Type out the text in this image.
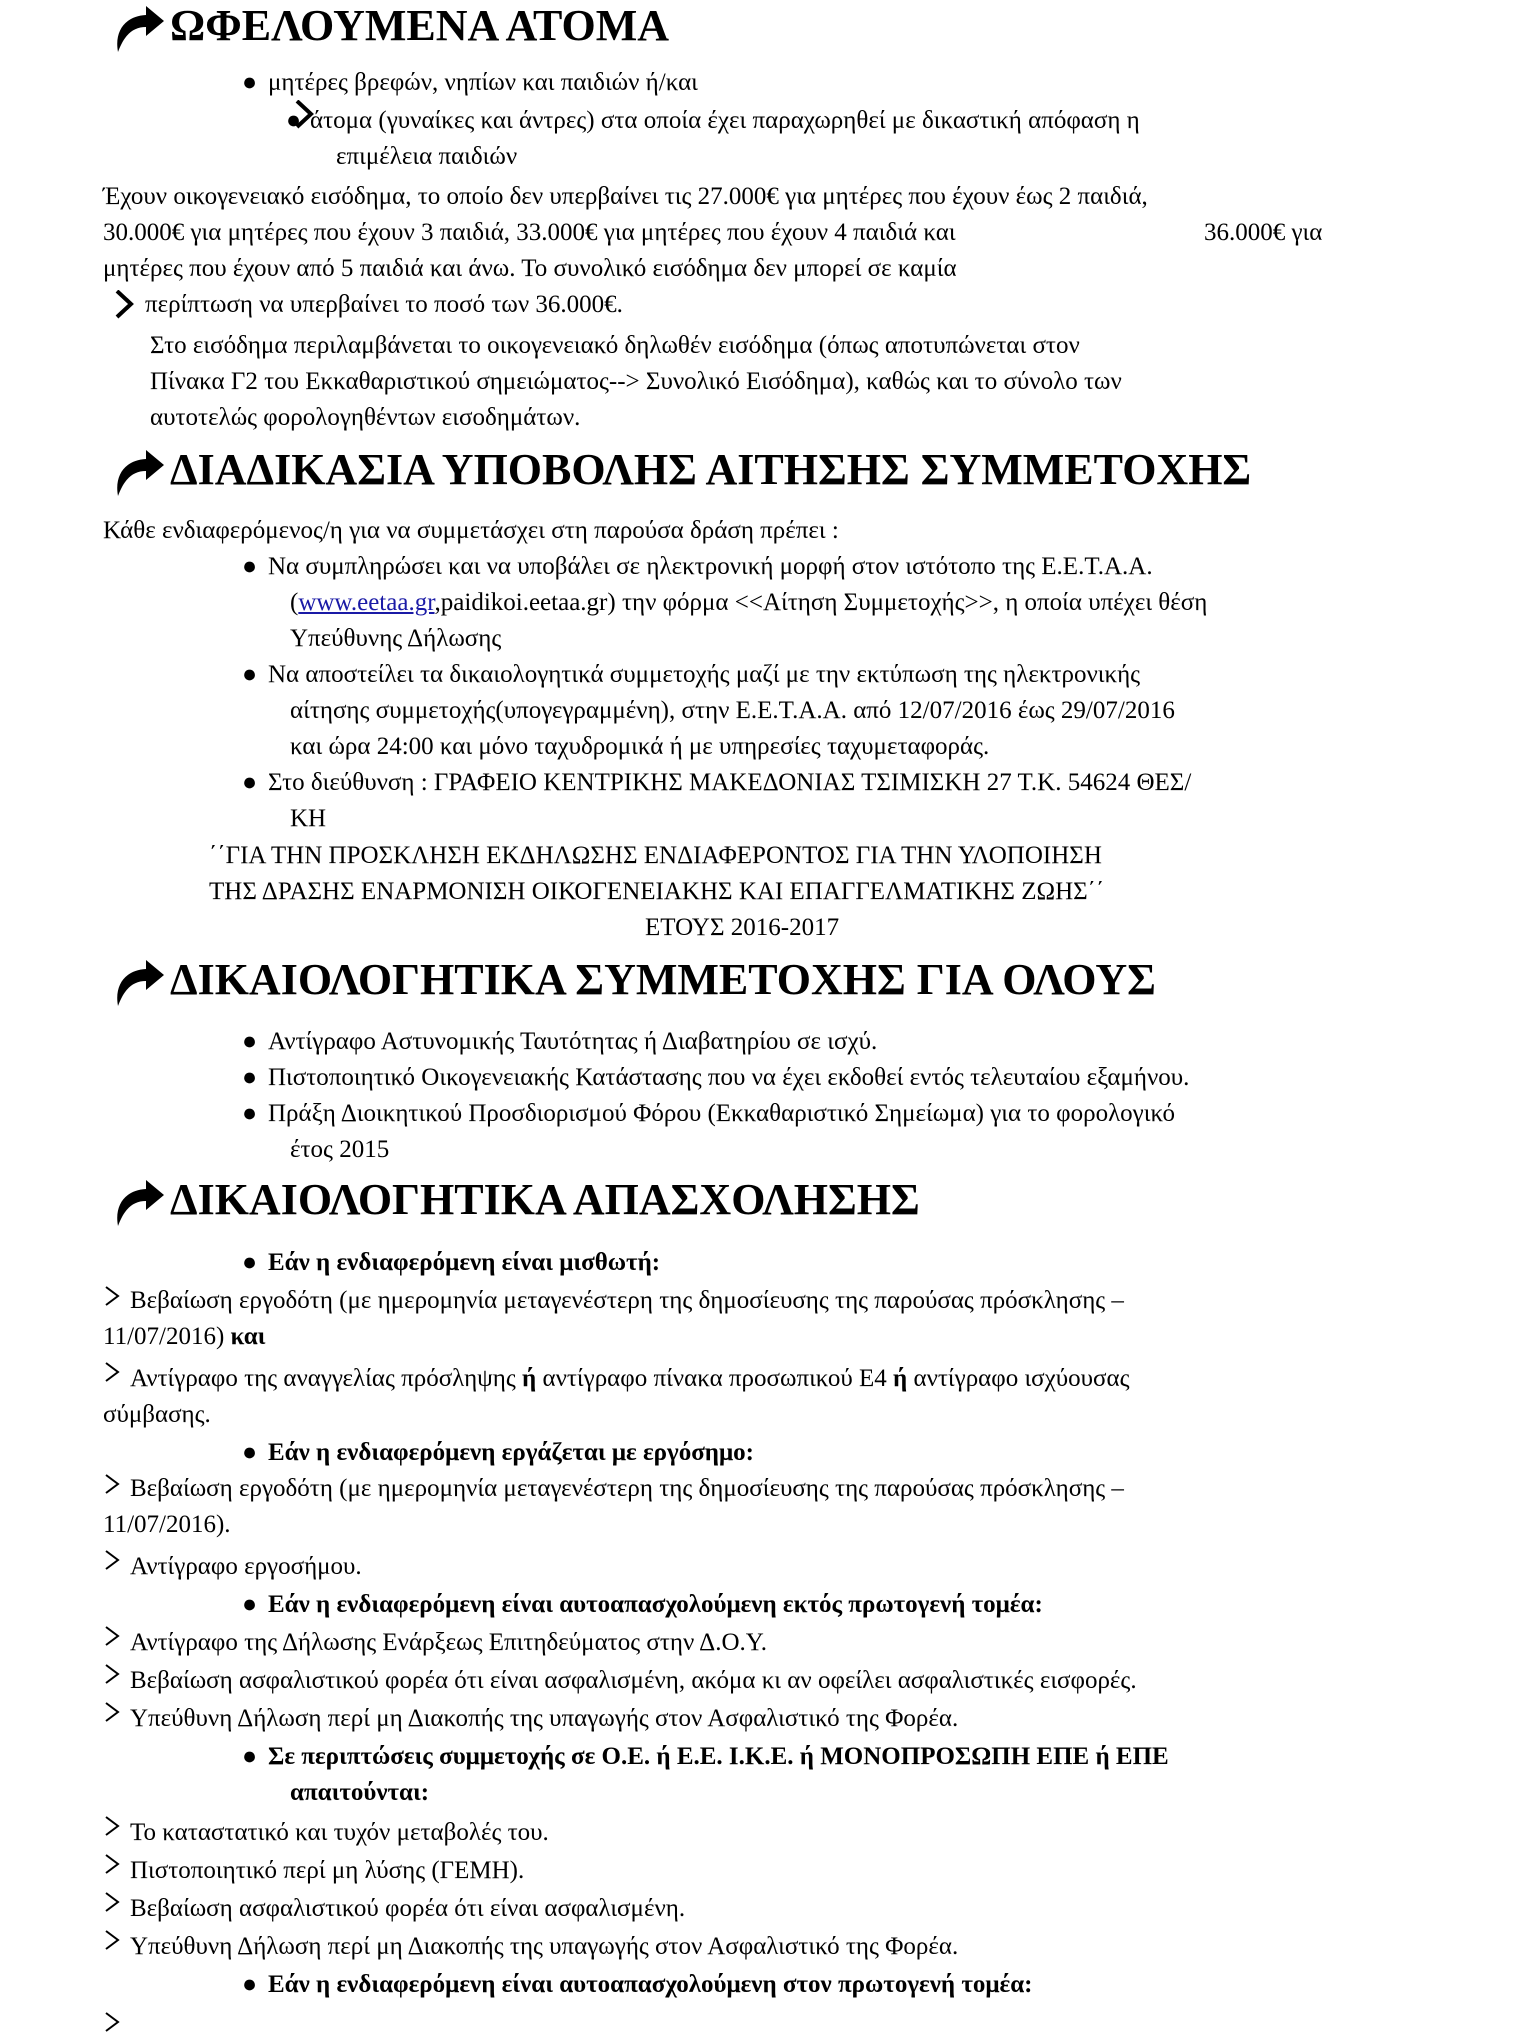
ΩΦΕΛΟΥΜΕΝΑ ΑΤΟΜΑ
● μητέρες βρεφών, νηπίων και παιδιών ή/και
● άτομα (γυναίκες και άντρες) στα οποία έχει παραχωρηθεί με δικαστική απόφαση η
επιμέλεια παιδιών
Έχουν οικογενειακό εισόδημα, το οποίο δεν υπερβαίνει τις 27.000€ για μητέρες που έχουν έως 2 παιδιά,
30.000€ για μητέρες που έχουν 3 παιδιά, 33.000€ για μητέρες που έχουν 4 παιδιά και	36.000€ για
μητέρες που έχουν από 5 παιδιά και άνω. Το συνολικό εισόδημα δεν μπορεί σε καμία
περίπτωση να υπερβαίνει το ποσό των 36.000€.
Στο εισόδημα περιλαμβάνεται το οικογενειακό δηλωθέν εισόδημα (όπως αποτυπώνεται στον
Πίνακα Γ2 του Εκκαθαριστικού σημειώματος--> Συνολικό Εισόδημα), καθώς και το σύνολο των
αυτοτελώς φορολογηθέντων εισοδημάτων.
ΔΙΑΔΙΚΑΣΙΑ ΥΠΟΒΟΛΗΣ ΑΙΤΗΣΗΣ ΣΥΜΜΕΤΟΧΗΣ
Κάθε ενδιαφερόμενος/η για να συμμετάσχει στη παρούσα δράση πρέπει :
● Να συμπληρώσει και να υποβάλει σε ηλεκτρονική μορφή στον ιστότοπο της Ε.Ε.Τ.Α.Α.
(www.eetaa.gr,paidikoi.eetaa.gr) την φόρμα <<Αίτηση Συμμετοχής>>, η οποία υπέχει θέση
Υπεύθυνης Δήλωσης
● Να αποστείλει τα δικαιολογητικά συμμετοχής μαζί με την εκτύπωση της ηλεκτρονικής
αίτησης συμμετοχής(υπογεγραμμένη), στην Ε.Ε.Τ.Α.Α. από 12/07/2016 έως 29/07/2016
και ώρα 24:00 και μόνο ταχυδρομικά ή με υπηρεσίες ταχυμεταφοράς.
● Στο διεύθυνση : ΓΡΑΦΕΙΟ ΚΕΝΤΡΙΚΗΣ ΜΑΚΕΔΟΝΙΑΣ ΤΣΙΜΙΣΚΗ 27 Τ.Κ. 54624 ΘΕΣ/
ΚΗ
΄΄ΓΙΑ ΤΗΝ ΠΡΟΣΚΛΗΣΗ ΕΚΔΗΛΩΣΗΣ ΕΝΔΙΑΦΕΡΟΝΤΟΣ ΓΙΑ ΤΗΝ ΥΛΟΠΟΙΗΣΗ
ΤΗΣ ΔΡΑΣΗΣ ΕΝΑΡΜΟΝΙΣΗ ΟΙΚΟΓΕΝΕΙΑΚΗΣ ΚΑΙ ΕΠΑΓΓΕΛΜΑΤΙΚΗΣ ΖΩΗΣ΄΄
ΕΤΟΥΣ 2016-2017
ΔΙΚΑΙΟΛΟΓΗΤΙΚΑ ΣΥΜΜΕΤΟΧΗΣ ΓΙΑ ΟΛΟΥΣ
● Αντίγραφο Αστυνομικής Ταυτότητας ή Διαβατηρίου σε ισχύ.
● Πιστοποιητικό Οικογενειακής Κατάστασης που να έχει εκδοθεί εντός τελευταίου εξαμήνου.
● Πράξη Διοικητικού Προσδιορισμού Φόρου (Εκκαθαριστικό Σημείωμα) για το φορολογικό
έτος 2015
ΔΙΚΑΙΟΛΟΓΗΤΙΚΑ ΑΠΑΣΧΟΛΗΣΗΣ
● Εάν η ενδιαφερόμενη είναι μισθωτή:
Βεβαίωση εργοδότη (με ημερομηνία μεταγενέστερη της δημοσίευσης της παρούσας πρόσκλησης –
11/07/2016) και
Αντίγραφο της αναγγελίας πρόσληψης ή αντίγραφο πίνακα προσωπικού Ε4 ή αντίγραφο ισχύουσας
σύμβασης.
● Εάν η ενδιαφερόμενη εργάζεται με εργόσημο:
Βεβαίωση εργοδότη (με ημερομηνία μεταγενέστερη της δημοσίευσης της παρούσας πρόσκλησης –
11/07/2016).
Αντίγραφο εργοσήμου.
● Εάν η ενδιαφερόμενη είναι αυτοαπασχολούμενη εκτός πρωτογενή τομέα:
Αντίγραφο της Δήλωσης Ενάρξεως Επιτηδεύματος στην Δ.Ο.Υ.
Βεβαίωση ασφαλιστικού φορέα ότι είναι ασφαλισμένη, ακόμα κι αν οφείλει ασφαλιστικές εισφορές.
Υπεύθυνη Δήλωση περί μη Διακοπής της υπαγωγής στον Ασφαλιστικό της Φορέα.
● Σε περιπτώσεις συμμετοχής σε Ο.Ε. ή Ε.Ε. Ι.Κ.Ε. ή ΜΟΝΟΠΡΟΣΩΠΗ ΕΠΕ ή ΕΠΕ
απαιτούνται:
Το καταστατικό και τυχόν μεταβολές του.
Πιστοποιητικό περί μη λύσης (ΓΕΜΗ).
Βεβαίωση ασφαλιστικού φορέα ότι είναι ασφαλισμένη.
Υπεύθυνη Δήλωση περί μη Διακοπής της υπαγωγής στον Ασφαλιστικό της Φορέα.
● Εάν η ενδιαφερόμενη είναι αυτοαπασχολούμενη στον πρωτογενή τομέα:
